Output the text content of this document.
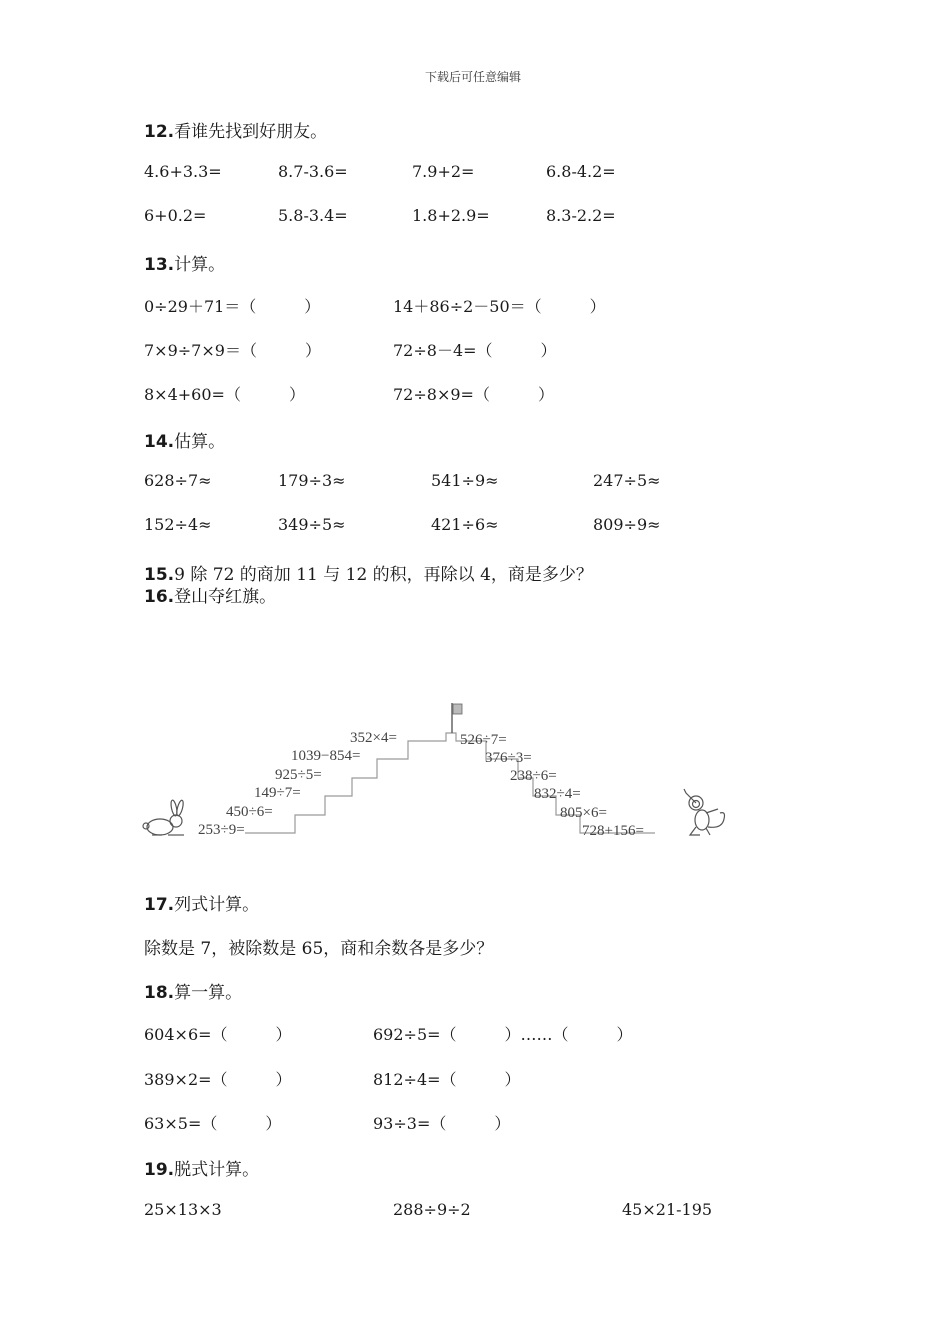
下载后可任意编辑
12.看谁先找到好朋友。
4.6+3.3=	8.7-3.6=	7.9+2=	6.8-4.2=
6+0.2=	5.8-3.4=	1.8+2.9=	8.3-2.2=
13.计算。
0÷29＋71＝（　　　）	14＋86÷2－50＝（　　　）
7×9÷7×9＝（　　　）	72÷8－4=（　　　）
8×4+60=（　　　）	72÷8×9=（　　　）
14.估算。
628÷7≈	179÷3≈	541÷9≈	247÷5≈
152÷4≈	349÷5≈	421÷6≈	809÷9≈
15.9 除 72 的商加 11 与 12 的积，再除以 4，商是多少？
16.登山夺红旗。
253÷9=
450÷6=
149÷7=
925÷5=
1039−854=
352×4=	526÷7=
376÷3=
238÷6=
832÷4=
805×6=
728+156=
17.列式计算。
除数是 7，被除数是 65，商和余数各是多少？
18.算一算。
604×6=（　　　）	692÷5=（　　　）……（　　　）
389×2=（　　　）	812÷4=（　　　）
63×5=（　　　）	93÷3=（　　　）
19.脱式计算。
25×13×3	288÷9÷2	45×21-195
